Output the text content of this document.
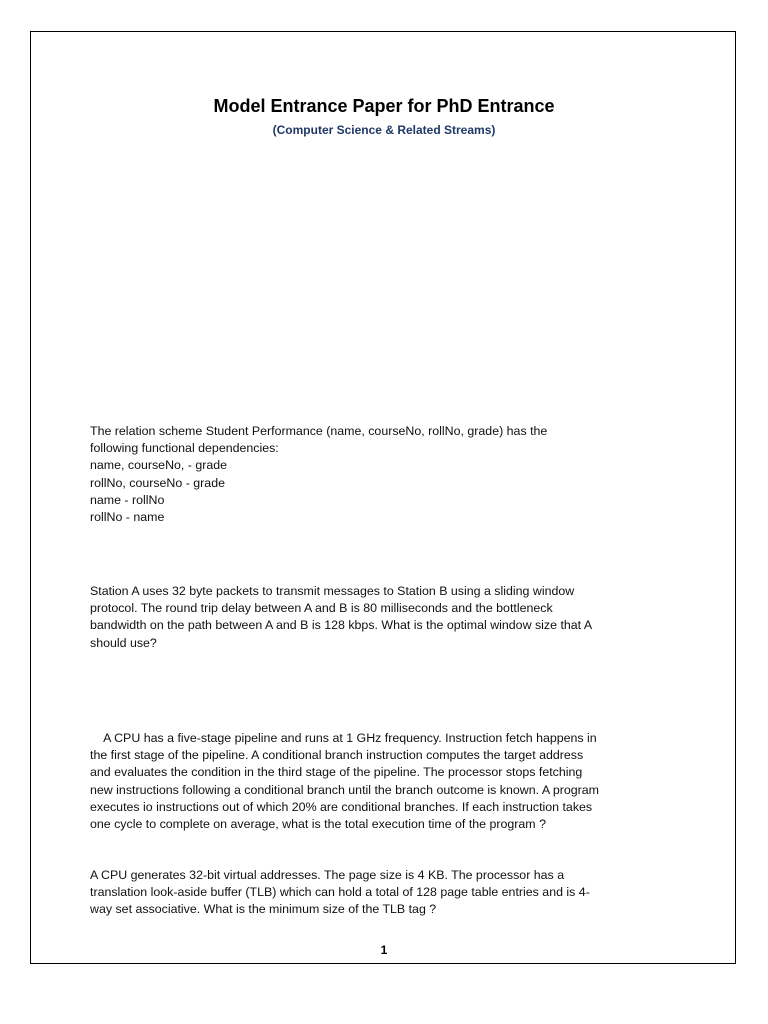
Model Entrance Paper for PhD Entrance
(Computer Science & Related Streams)
The relation scheme Student Performance (name, courseNo, rollNo, grade) has the
following functional dependencies:
name, courseNo, - grade
rollNo, courseNo - grade
name - rollNo
rollNo - name
Station A uses 32 byte packets to transmit messages to Station B using a sliding window
protocol. The round trip delay between A and B is 80 milliseconds and the bottleneck
bandwidth on the path between A and B is 128 kbps. What is the optimal window size that A
should use?
A CPU has a five-stage pipeline and runs at 1 GHz frequency. Instruction fetch happens in
the first stage of the pipeline. A conditional branch instruction computes the target address
and evaluates the condition in the third stage of the pipeline. The processor stops fetching
new instructions following a conditional branch until the branch outcome is known. A program
executes io instructions out of which 20% are conditional branches. If each instruction takes
one cycle to complete on average, what is the total execution time of the program ?
A CPU generates 32-bit virtual addresses. The page size is 4 KB. The processor has a
translation look-aside buffer (TLB) which can hold a total of 128 page table entries and is 4-
way set associative. What is the minimum size of the TLB tag ?
1
